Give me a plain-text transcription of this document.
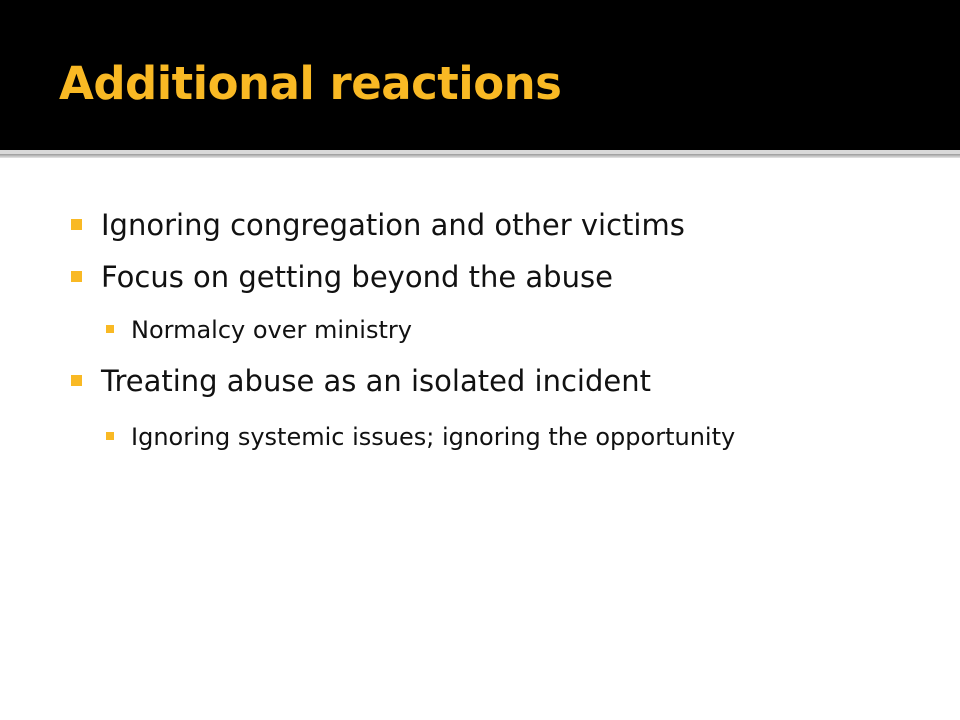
Additional reactions
Ignoring congregation and other victims
Focus on getting beyond the abuse
Normalcy over ministry
Treating abuse as an isolated incident
Ignoring systemic issues; ignoring the opportunity
